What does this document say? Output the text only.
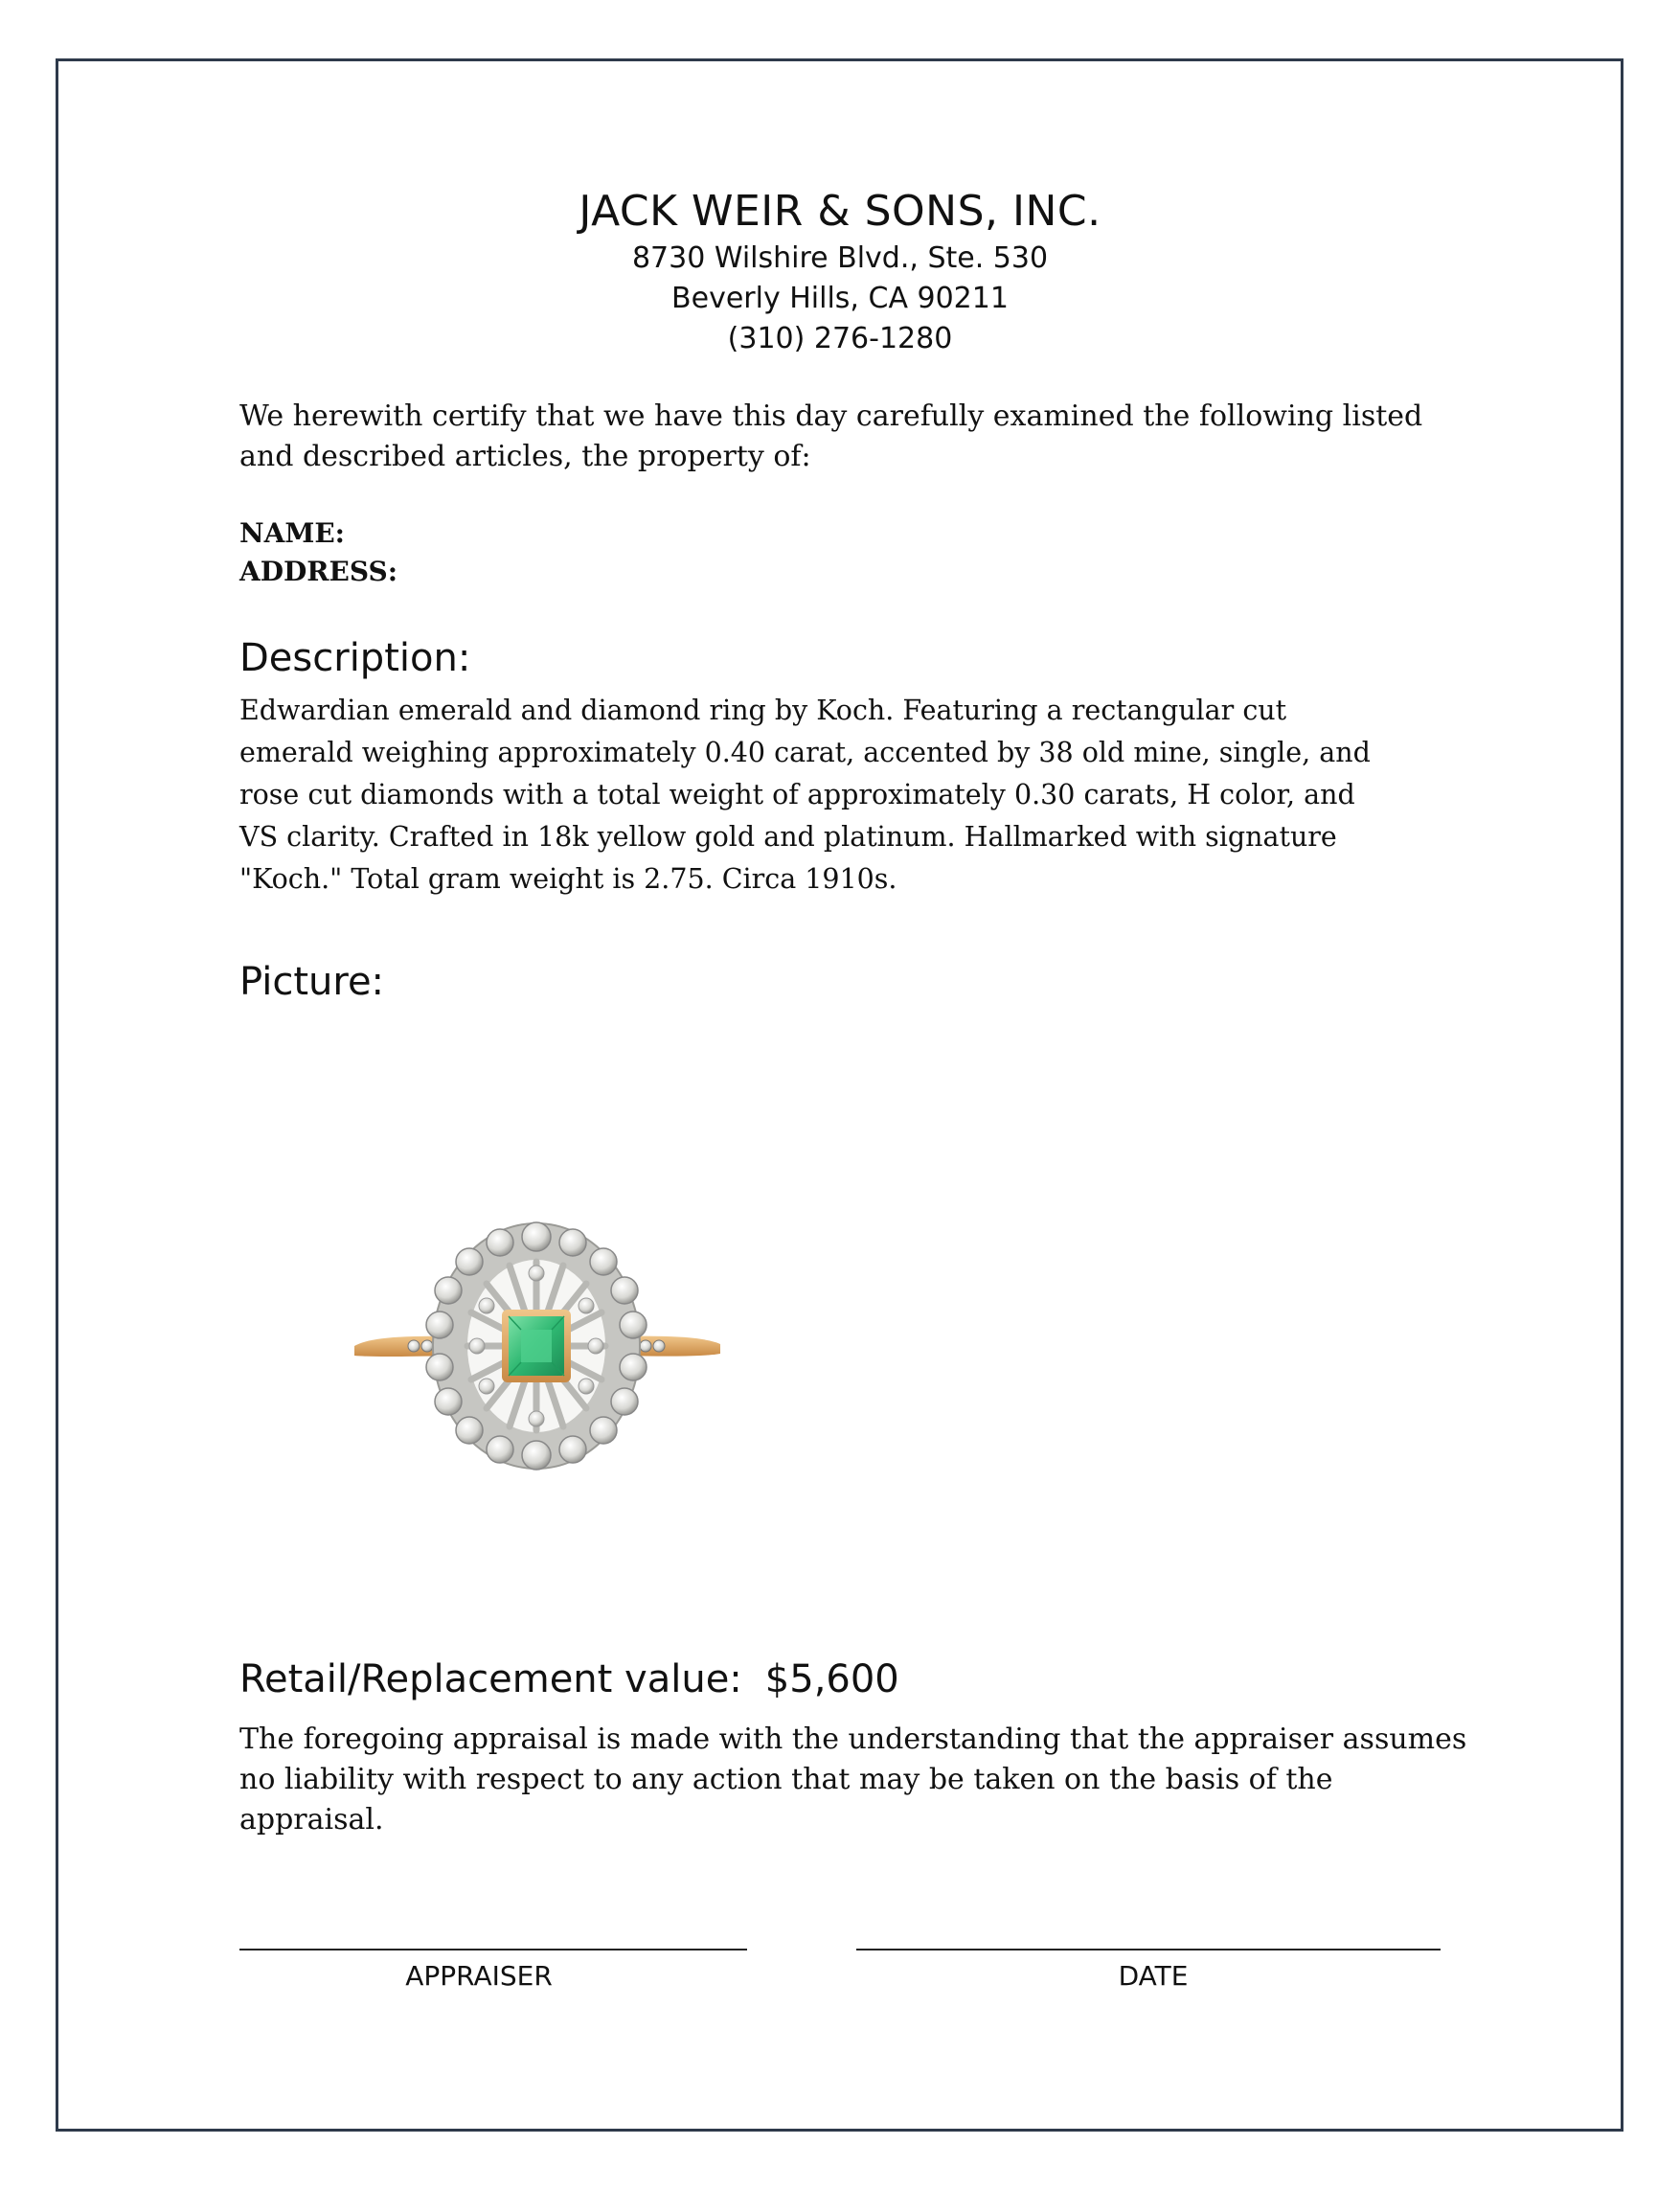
JACK WEIR & SONS, INC.
8730 Wilshire Blvd., Ste. 530
Beverly Hills, CA 90211
(310) 276-1280
We herewith certify that we have this day carefully examined the following listed and described articles, the property of:
NAME:
ADDRESS:
Description:
Edwardian emerald and diamond ring by Koch. Featuring a rectangular cut emerald weighing approximately 0.40 carat, accented by 38 old mine, single, and rose cut diamonds with a total weight of approximately 0.30 carats, H color, and VS clarity. Crafted in 18k yellow gold and platinum. Hallmarked with signature "Koch." Total gram weight is 2.75. Circa 1910s.
Picture:
Retail/Replacement value: $5,600
The foregoing appraisal is made with the understanding that the appraiser assumes no liability with respect to any action that may be taken on the basis of the appraisal.
APPRAISER	DATE
